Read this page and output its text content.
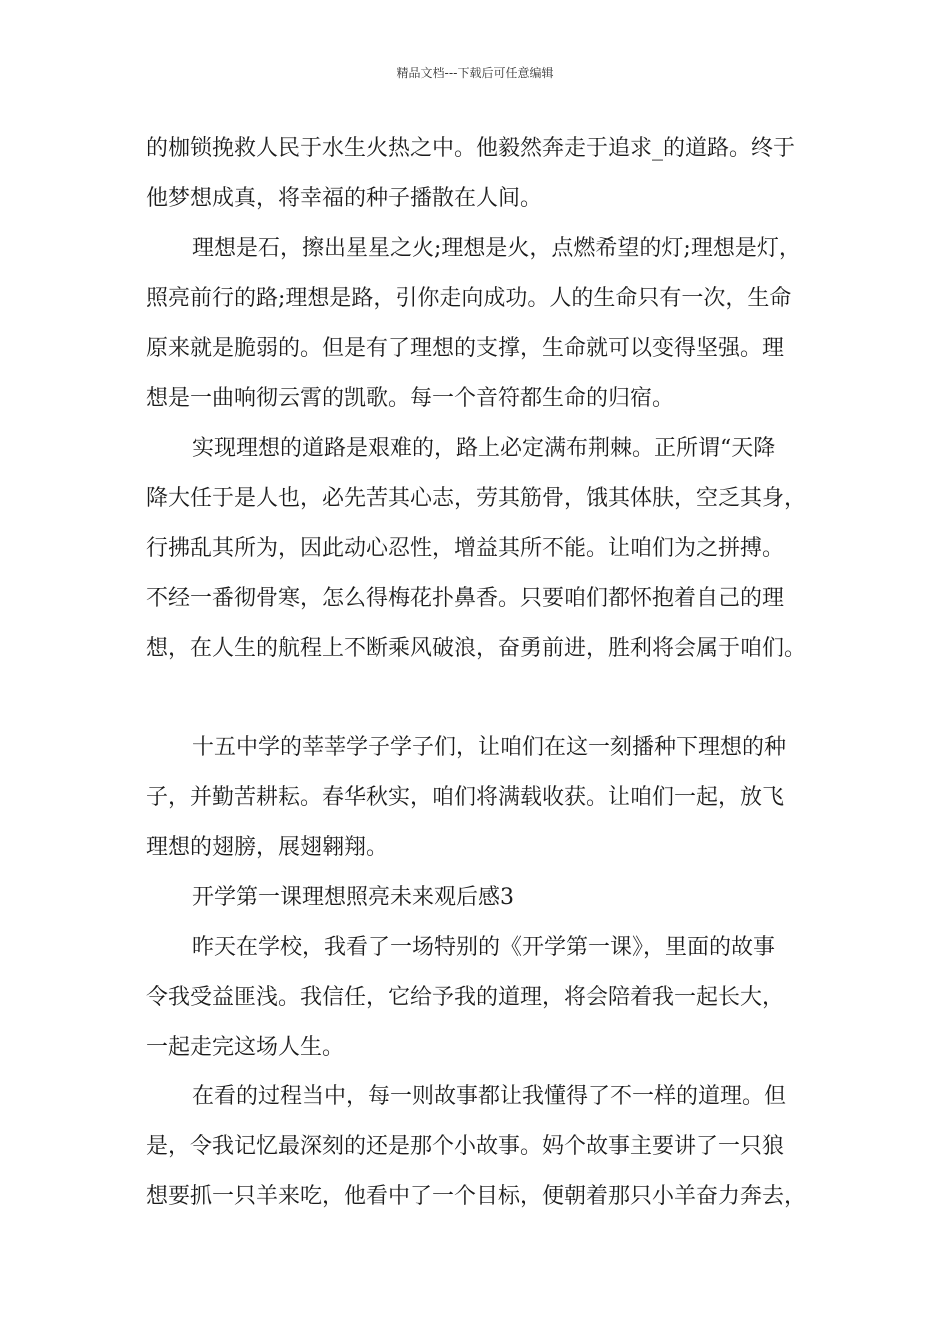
精品文档---下载后可任意编辑
的枷锁挽救人民于水生火热之中。他毅然奔走于追求_的道路。终于
他梦想成真，将幸福的种子播散在人间。
理想是石，擦出星星之火;理想是火，点燃希望的灯;理想是灯，
照亮前行的路;理想是路，引你走向成功。人的生命只有一次，生命
原来就是脆弱的。但是有了理想的支撑，生命就可以变得坚强。理
想是一曲响彻云霄的凯歌。每一个音符都生命的归宿。
实现理想的道路是艰难的，路上必定满布荆棘。正所谓“天降
降大任于是人也，必先苦其心志，劳其筋骨，饿其体肤，空乏其身，
行拂乱其所为，因此动心忍性，增益其所不能。让咱们为之拼搏。
不经一番彻骨寒，怎么得梅花扑鼻香。只要咱们都怀抱着自己的理
想，在人生的航程上不断乘风破浪，奋勇前进，胜利将会属于咱们。
十五中学的莘莘学子学子们，让咱们在这一刻播种下理想的种
子，并勤苦耕耘。春华秋实，咱们将满载收获。让咱们一起，放飞
理想的翅膀，展翅翱翔。
开学第一课理想照亮未来观后感3
昨天在学校，我看了一场特别的《开学第一课》，里面的故事
令我受益匪浅。我信任，它给予我的道理，将会陪着我一起长大，
一起走完这场人生。
在看的过程当中，每一则故事都让我懂得了不一样的道理。但
是，令我记忆最深刻的还是那个小故事。妈个故事主要讲了一只狼
想要抓一只羊来吃，他看中了一个目标，便朝着那只小羊奋力奔去，
